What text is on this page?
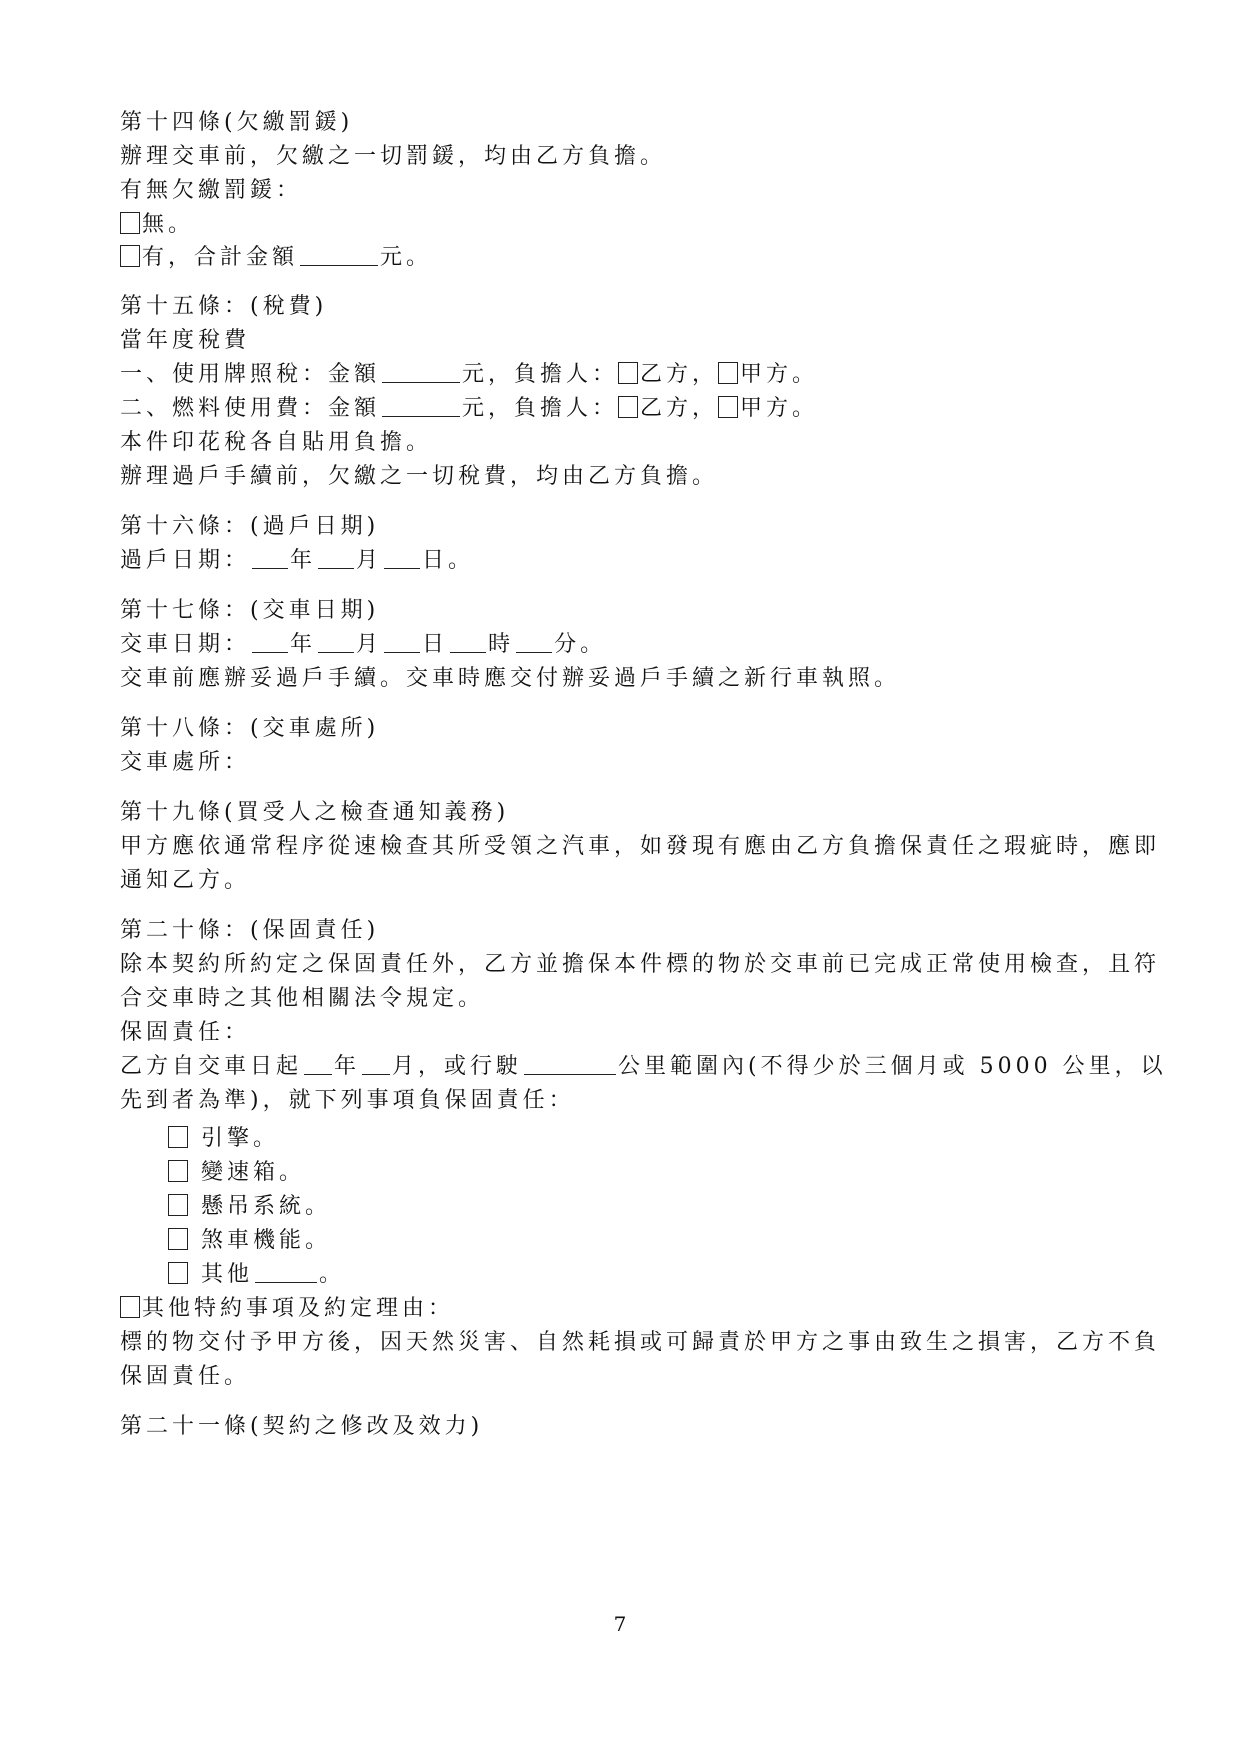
第十四條(欠繳罰鍰)
辦理交車前，欠繳之一切罰鍰，均由乙方負擔。
有無欠繳罰鍰：
無。
有，合計金額	元。
第十五條：(稅費)
當年度稅費
一、使用牌照稅：金額	元，負擔人： 乙方， 甲方。
二、燃料使用費：金額	元，負擔人： 乙方， 甲方。
本件印花稅各自貼用負擔。
辦理過戶手續前，欠繳之一切稅費，均由乙方負擔。
第十六條：(過戶日期)
過戶日期： 年 月 日。
第十七條：(交車日期)
交車日期： 年 月 日 時 分。
交車前應辦妥過戶手續。交車時應交付辦妥過戶手續之新行車執照。
第十八條：(交車處所)
交車處所：
第十九條(買受人之檢查通知義務)
甲方應依通常程序從速檢查其所受領之汽車，如發現有應由乙方負擔保責任之瑕疵時，應即
通知乙方。
第二十條：(保固責任)
除本契約所約定之保固責任外，乙方並擔保本件標的物於交車前已完成正常使用檢查，且符
合交車時之其他相關法令規定。
保固責任：
乙方自交車日起 年 月，或行駛	公里範圍內(不得少於三個月或 5000 公里，以
先到者為準)，就下列事項負保固責任：
引擎。
變速箱。
懸吊系統。
煞車機能。
其他	。
其他特約事項及約定理由：
標的物交付予甲方後，因天然災害、自然耗損或可歸責於甲方之事由致生之損害，乙方不負
保固責任。
第二十一條(契約之修改及效力)
7
